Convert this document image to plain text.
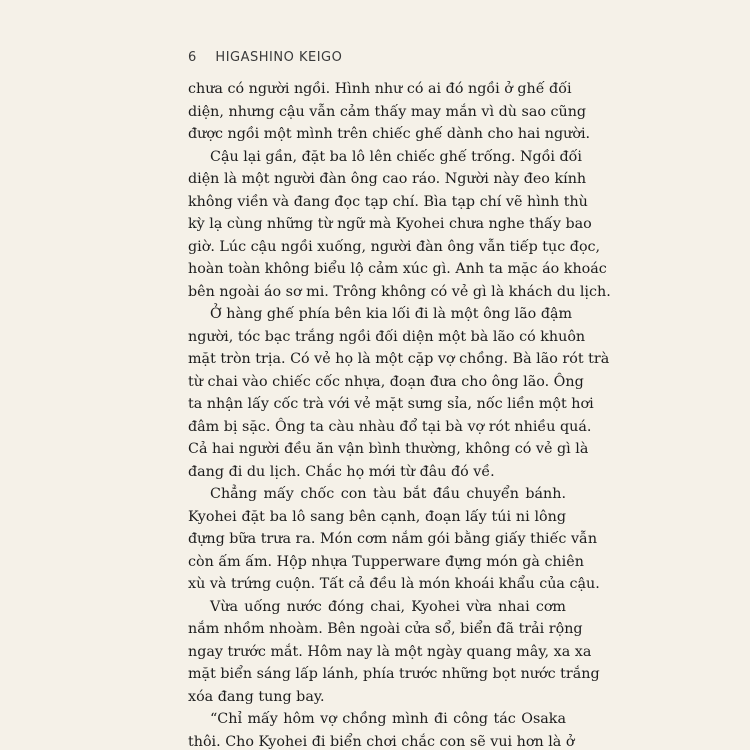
6 HIGASHINO KEIGO
chưa có người ngồi. Hình như có ai đó ngồi ở ghế đối
diện, nhưng cậu vẫn cảm thấy may mắn vì dù sao cũng
được ngồi một mình trên chiếc ghế dành cho hai người.
Cậu lại gần, đặt ba lô lên chiếc ghế trống. Ngồi đối
diện là một người đàn ông cao ráo. Người này đeo kính
không viền và đang đọc tạp chí. Bìa tạp chí vẽ hình thù
kỳ lạ cùng những từ ngữ mà Kyohei chưa nghe thấy bao
giờ. Lúc cậu ngồi xuống, người đàn ông vẫn tiếp tục đọc,
hoàn toàn không biểu lộ cảm xúc gì. Anh ta mặc áo khoác
bên ngoài áo sơ mi. Trông không có vẻ gì là khách du lịch.
Ở hàng ghế phía bên kia lối đi là một ông lão đậm
người, tóc bạc trắng ngồi đối diện một bà lão có khuôn
mặt tròn trịa. Có vẻ họ là một cặp vợ chồng. Bà lão rót trà
từ chai vào chiếc cốc nhựa, đoạn đưa cho ông lão. Ông
ta nhận lấy cốc trà với vẻ mặt sưng sỉa, nốc liền một hơi
đâm bị sặc. Ông ta càu nhàu đổ tại bà vợ rót nhiều quá.
Cả hai người đều ăn vận bình thường, không có vẻ gì là
đang đi du lịch. Chắc họ mới từ đâu đó về.
Chẳng mấy chốc con tàu bắt đầu chuyển bánh.
Kyohei đặt ba lô sang bên cạnh, đoạn lấy túi ni lông
đựng bữa trưa ra. Món cơm nắm gói bằng giấy thiếc vẫn
còn ấm ấm. Hộp nhựa Tupperware đựng món gà chiên
xù và trứng cuộn. Tất cả đều là món khoái khẩu của cậu.
Vừa uống nước đóng chai, Kyohei vừa nhai cơm
nắm nhồm nhoàm. Bên ngoài cửa sổ, biển đã trải rộng
ngay trước mắt. Hôm nay là một ngày quang mây, xa xa
mặt biển sáng lấp lánh, phía trước những bọt nước trắng
xóa đang tung bay.
“Chỉ mấy hôm vợ chồng mình đi công tác Osaka
thôi. Cho Kyohei đi biển chơi chắc con sẽ vui hơn là ở
